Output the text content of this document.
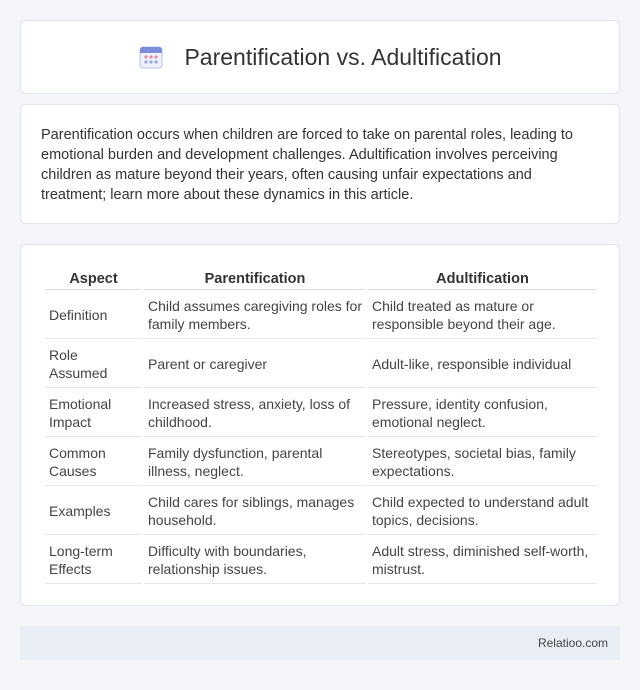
Parentification vs. Adultification

Parentification occurs when children are forced to take on parental roles, leading to emotional burden and development challenges. Adultification involves perceiving children as mature beyond their years, often causing unfair expectations and treatment; learn more about these dynamics in this article.

Aspect	Parentification	Adultification
Definition	Child assumes caregiving roles for family members.	Child treated as mature or responsible beyond their age.
Role Assumed	Parent or caregiver	Adult-like, responsible individual
Emotional Impact	Increased stress, anxiety, loss of childhood.	Pressure, identity confusion, emotional neglect.
Common Causes	Family dysfunction, parental illness, neglect.	Stereotypes, societal bias, family expectations.
Examples	Child cares for siblings, manages household.	Child expected to understand adult topics, decisions.
Long-term Effects	Difficulty with boundaries, relationship issues.	Adult stress, diminished self-worth, mistrust.
Relatioo.com
